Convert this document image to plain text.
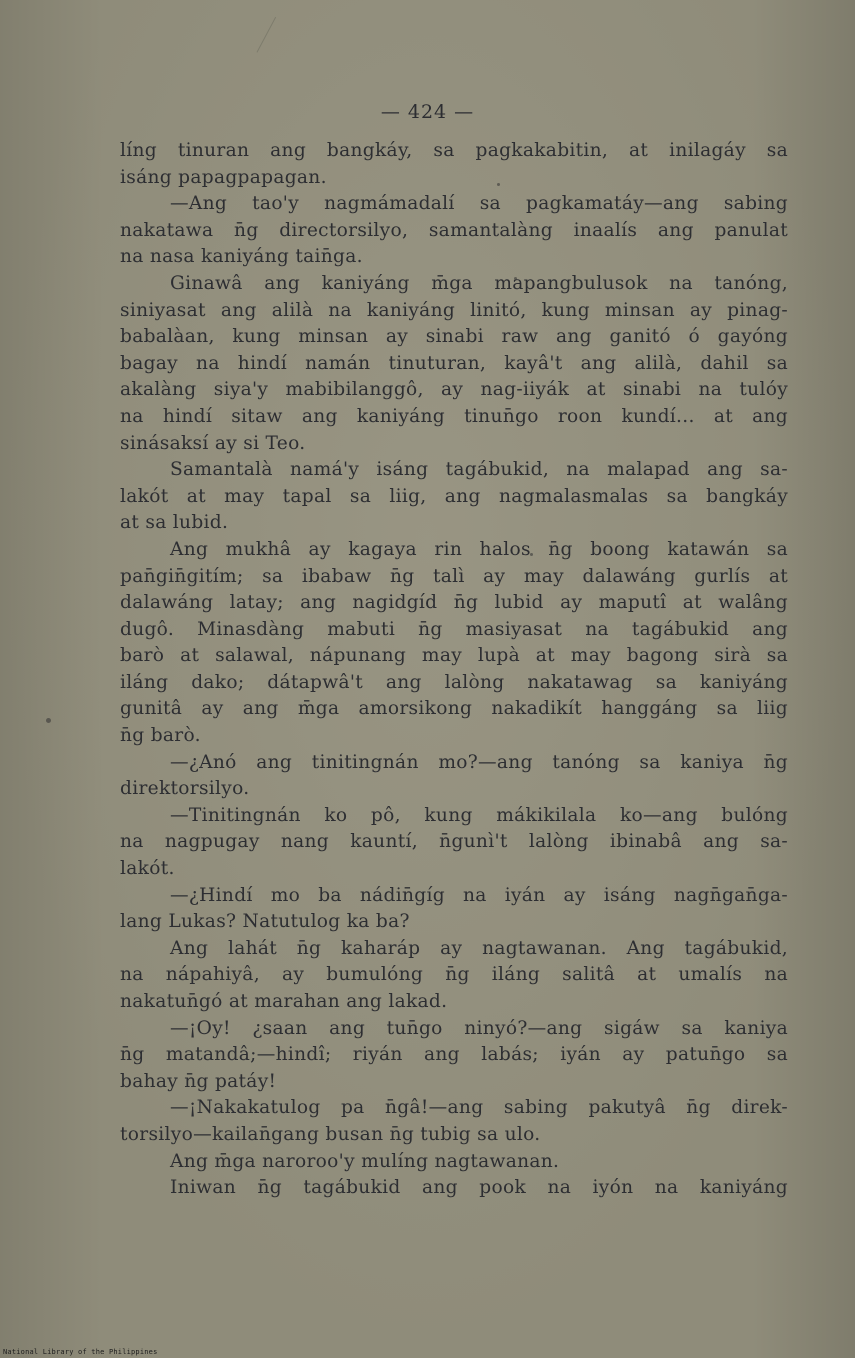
— 424 —
líng tinuran ang bangkáy, sa pagkakabitin, at inilagáy sa
isáng papagpapagan.
—Ang tao'y nagmámadalí sa pagkamatáy—ang sabing
nakatawa n̄g directorsilyo, samantalàng inaalís ang panulat
na nasa kaniyáng tain̄ga.
Ginawâ ang kaniyáng m̄ga mapangbulusok na tanóng,
siniyasat ang alilà na kaniyáng linitó, kung minsan ay pinag-
babalàan, kung minsan ay sinabi raw ang ganitó ó gayóng
bagay na hindí namán tinuturan, kayâ't ang alilà, dahil sa
akalàng siya'y mabibilanggô, ay nag-iiyák at sinabi na tulóy
na hindí sitaw ang kaniyáng tinun̄go roon kundí... at ang
sinásaksí ay si Teo.
Samantalà namá'y isáng tagábukid, na malapad ang sa-
lakót at may tapal sa liig, ang nagmalasmalas sa bangkáy
at sa lubid.
Ang mukhâ ay kagaya rin halos n̄g boong katawán sa
pan̄gin̄gitím; sa ibabaw n̄g talì ay may dalawáng gurlís at
dalawáng latay; ang nagidgíd n̄g lubid ay maputî at walâng
dugô. Minasdàng mabuti n̄g masiyasat na tagábukid ang
barò at salawal, nápunang may lupà at may bagong sirà sa
iláng dako; dátapwâ't ang lalòng nakatawag sa kaniyáng
gunitâ ay ang m̄ga amorsikong nakadikít hanggáng sa liig
n̄g barò.
—¿Anó ang tinitingnán mo?—ang tanóng sa kaniya n̄g
direktorsilyo.
—Tinitingnán ko pô, kung mákikilala ko—ang bulóng
na nagpugay nang kauntí, n̄gunì't lalòng ibinabâ ang sa-
lakót.
—¿Hindí mo ba nádin̄gíg na iyán ay isáng nagn̄gan̄ga-
lang Lukas? Natutulog ka ba?
Ang lahát n̄g kaharáp ay nagtawanan. Ang tagábukid,
na nápahiyâ, ay bumulóng n̄g iláng salitâ at umalís na
nakatun̄gó at marahan ang lakad.
—¡Oy! ¿saan ang tun̄go ninyó?—ang sigáw sa kaniya
n̄g matandâ;—hindî; riyán ang labás; iyán ay patun̄go sa
bahay n̄g patáy!
—¡Nakakatulog pa n̄gâ!—ang sabing pakutyâ n̄g direk-
torsilyo—kailan̄gang busan n̄g tubig sa ulo.
Ang m̄ga naroroo'y mulíng nagtawanan.
Iniwan n̄g tagábukid ang pook na iyón na kaniyáng
National Library of the Philippines
